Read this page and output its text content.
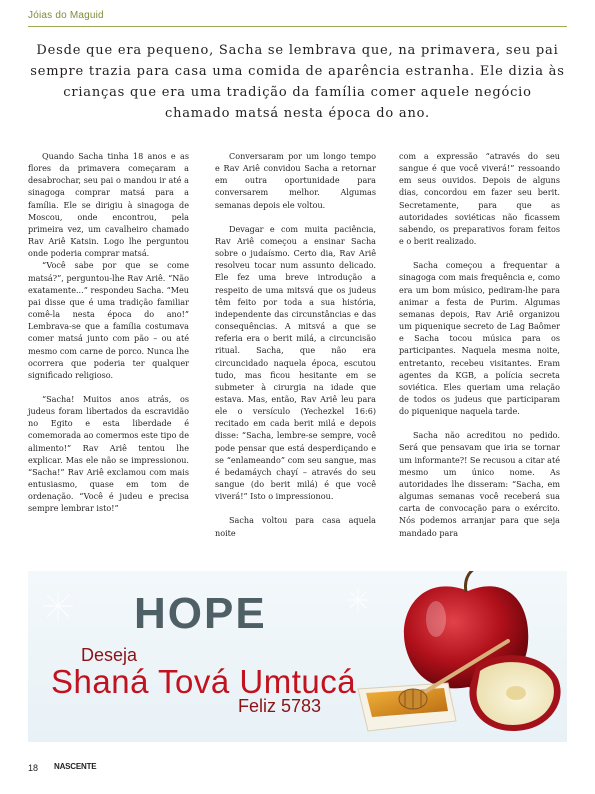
Jóias do Maguid
Desde que era pequeno, Sacha se lembrava que, na primavera, seu pai sempre trazia para casa uma comida de aparência estranha. Ele dizia às crianças que era uma tradição da família comer aquele negócio chamado matsá nesta época do ano.

Quando Sacha tinha 18 anos e as flores da primavera começaram a desabrochar, seu pai o mandou ir até a sinagoga comprar matsá para a família. Ele se dirigiu à sinagoga de Moscou, onde encontrou, pela primeira vez, um cavalheiro chamado Rav Ariê Katsin. Logo lhe perguntou onde poderia comprar matsá.

“Você sabe por que se come matsá?”, perguntou-lhe Rav Ariê. “Não exatamente...” respondeu Sacha. “Meu pai disse que é uma tradição familiar comê-la nesta época do ano!” Lembrava-se que a família costumava comer matsá junto com pão – ou até mesmo com carne de porco. Nunca lhe ocorrera que poderia ter qualquer significado religioso.

“Sacha! Muitos anos atrás, os judeus foram libertados da escravidão no Egito e esta liberdade é comemorada ao comermos este tipo de alimento!” Rav Ariê tentou lhe explicar. Mas ele não se impressionou. “Sacha!” Rav Ariê exclamou com mais entusiasmo, quase em tom de ordenação. “Você é judeu e precisa sempre lembrar isto!”

Conversaram por um longo tempo e Rav Ariê convidou Sacha a retornar em outra oportunidade para conversarem melhor. Algumas semanas depois ele voltou.

Devagar e com muita paciência, Rav Ariê começou a ensinar Sacha sobre o judaísmo. Certo dia, Rav Ariê resolveu tocar num assunto delicado. Ele fez uma breve introdução a respeito de uma mitsvá que os judeus têm feito por toda a sua história, independente das circunstâncias e das consequências. A mitsvá a que se referia era o berit milá, a circuncisão ritual. Sacha, que não era circuncidado naquela época, escutou tudo, mas ficou hesitante em se submeter à cirurgia na idade que estava. Mas, então, Rav Ariê leu para ele o versículo (Yechezkel 16:6) recitado em cada berit milá e depois disse: “Sacha, lembre-se sempre, você pode pensar que está desperdiçando e se “enlameando” com seu sangue, mas é bedamáych chayí – através do seu sangue (do berit milá) é que você viverá!” Isto o impressionou.

Sacha voltou para casa aquela noite

com a expressão “através do seu sangue é que você viverá!” ressoando em seus ouvidos. Depois de alguns dias, concordou em fazer seu berit. Secretamente, para que as autoridades soviéticas não ficassem sabendo, os preparativos foram feitos e o berit realizado.

Sacha começou a frequentar a sinagoga com mais frequência e, como era um bom músico, pediram-lhe para animar a festa de Purim. Algumas semanas depois, Rav Ariê organizou um piquenique secreto de Lag Baômer e Sacha tocou música para os participantes. Naquela mesma noite, entretanto, recebeu visitantes. Eram agentes da KGB, a polícia secreta soviética. Eles queriam uma relação de todos os judeus que participaram do piquenique naquela tarde.

Sacha não acreditou no pedido. Será que pensavam que iria se tornar um informante?! Se recusou a citar até mesmo um único nome. As autoridades lhe disseram: “Sacha, em algumas semanas você receberá sua carta de convocação para o exército. Nós podemos arranjar para que seja mandado para

HOPE
Deseja
Shaná Tová Umtucá
Feliz 5783
18 NASCENTE
